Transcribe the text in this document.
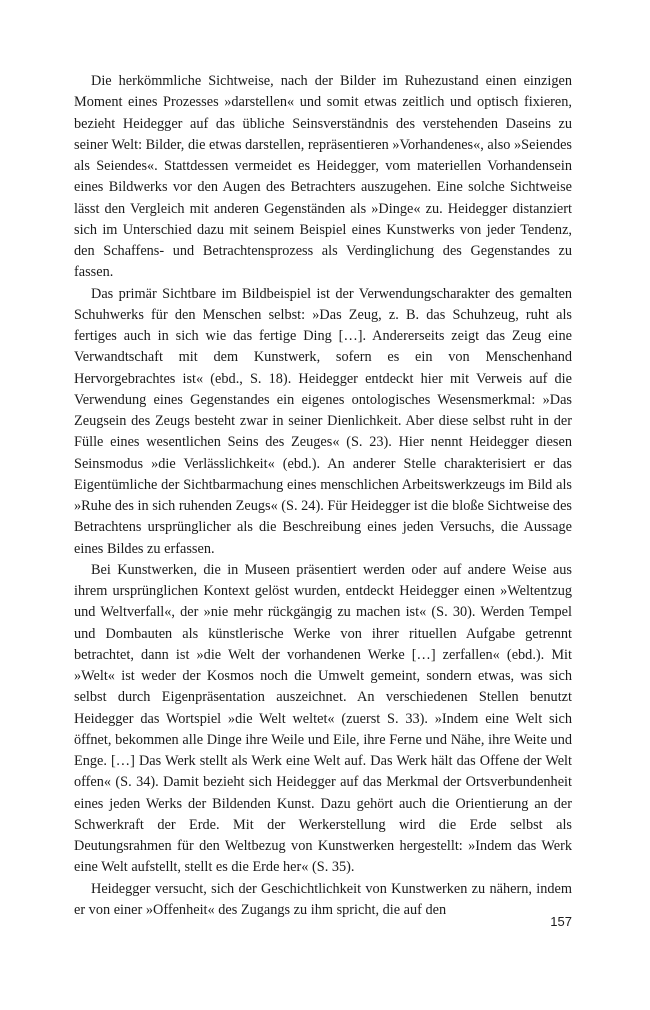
Die herkömmliche Sichtweise, nach der Bilder im Ruhezustand einen einzigen Moment eines Prozesses »darstellen« und somit etwas zeitlich und optisch fixieren, bezieht Heidegger auf das übliche Seinsverständnis des verstehenden Daseins zu seiner Welt: Bilder, die etwas darstellen, repräsentieren »Vorhandenes«, also »Seiendes als Seiendes«. Stattdessen vermeidet es Heidegger, vom materiellen Vorhandensein eines Bildwerks vor den Augen des Betrachters auszugehen. Eine solche Sichtweise lässt den Vergleich mit anderen Gegenständen als »Dinge« zu. Heidegger distanziert sich im Unterschied dazu mit seinem Beispiel eines Kunstwerks von jeder Tendenz, den Schaffens- und Betrachtensprozess als Verdinglichung des Gegenstandes zu fassen.

Das primär Sichtbare im Bildbeispiel ist der Verwendungscharakter des gemalten Schuhwerks für den Menschen selbst: »Das Zeug, z. B. das Schuhzeug, ruht als fertiges auch in sich wie das fertige Ding […]. Andererseits zeigt das Zeug eine Verwandtschaft mit dem Kunstwerk, sofern es ein von Menschenhand Hervorgebrachtes ist« (ebd., S. 18). Heidegger entdeckt hier mit Verweis auf die Verwendung eines Gegenstandes ein eigenes ontologisches Wesensmerkmal: »Das Zeugsein des Zeugs besteht zwar in seiner Dienlichkeit. Aber diese selbst ruht in der Fülle eines wesentlichen Seins des Zeuges« (S. 23). Hier nennt Heidegger diesen Seinsmodus »die Verlässlichkeit« (ebd.). An anderer Stelle charakterisiert er das Eigentümliche der Sichtbarmachung eines menschlichen Arbeitswerkzeugs im Bild als »Ruhe des in sich ruhenden Zeugs« (S. 24). Für Heidegger ist die bloße Sichtweise des Betrachtens ursprünglicher als die Beschreibung eines jeden Versuchs, die Aussage eines Bildes zu erfassen.

Bei Kunstwerken, die in Museen präsentiert werden oder auf andere Weise aus ihrem ursprünglichen Kontext gelöst wurden, entdeckt Heidegger einen »Weltentzug und Weltverfall«, der »nie mehr rückgängig zu machen ist« (S. 30). Werden Tempel und Dombauten als künstlerische Werke von ihrer rituellen Aufgabe getrennt betrachtet, dann ist »die Welt der vorhandenen Werke […] zerfallen« (ebd.). Mit »Welt« ist weder der Kosmos noch die Umwelt gemeint, sondern etwas, was sich selbst durch Eigenpräsentation auszeichnet. An verschiedenen Stellen benutzt Heidegger das Wortspiel »die Welt weltet« (zuerst S. 33). »Indem eine Welt sich öffnet, bekommen alle Dinge ihre Weile und Eile, ihre Ferne und Nähe, ihre Weite und Enge. […] Das Werk stellt als Werk eine Welt auf. Das Werk hält das Offene der Welt offen« (S. 34). Damit bezieht sich Heidegger auf das Merkmal der Ortsverbundenheit eines jeden Werks der Bildenden Kunst. Dazu gehört auch die Orientierung an der Schwerkraft der Erde. Mit der Werkerstellung wird die Erde selbst als Deutungsrahmen für den Weltbezug von Kunstwerken hergestellt: »Indem das Werk eine Welt aufstellt, stellt es die Erde her« (S. 35).

Heidegger versucht, sich der Geschichtlichkeit von Kunstwerken zu nähern, indem er von einer »Offenheit« des Zugangs zu ihm spricht, die auf den

157
